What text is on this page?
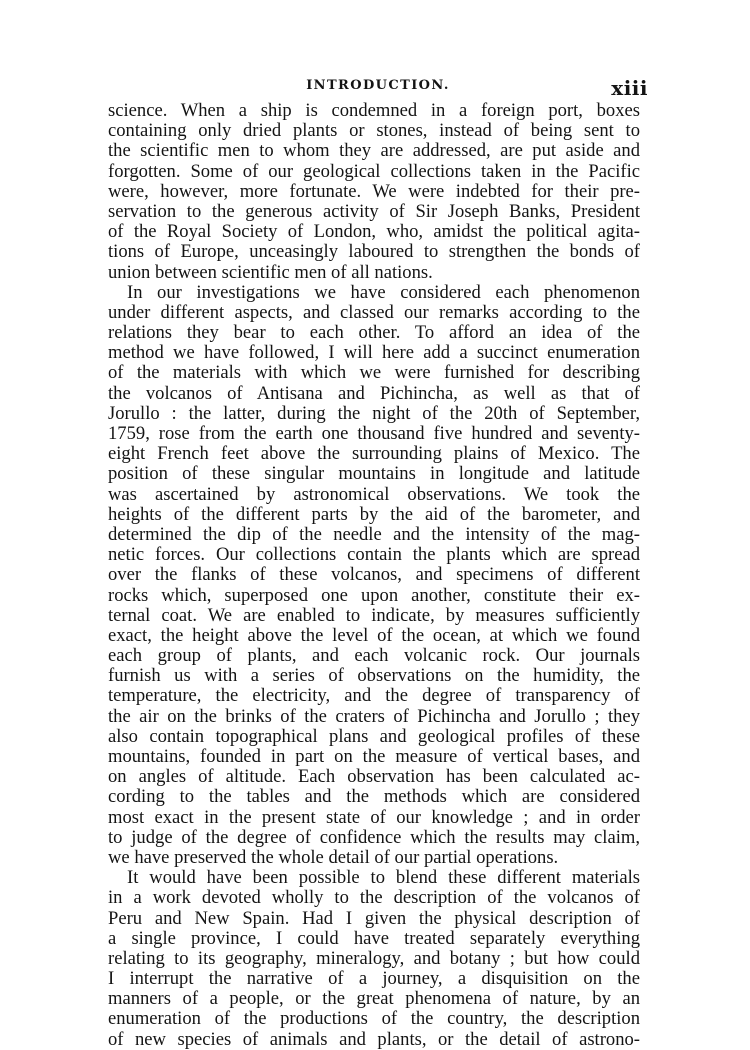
INTRODUCTION.	xiii
science. When a ship is condemned in a foreign port, boxes
containing only dried plants or stones, instead of being sent to
the scientific men to whom they are addressed, are put aside and
forgotten. Some of our geological collections taken in the Pacific
were, however, more fortunate. We were indebted for their pre-
servation to the generous activity of Sir Joseph Banks, President
of the Royal Society of London, who, amidst the political agita-
tions of Europe, unceasingly laboured to strengthen the bonds of
union between scientific men of all nations.
In our investigations we have considered each phenomenon
under different aspects, and classed our remarks according to the
relations they bear to each other. To afford an idea of the
method we have followed, I will here add a succinct enumeration
of the materials with which we were furnished for describing
the volcanos of Antisana and Pichincha, as well as that of
Jorullo : the latter, during the night of the 20th of September,
1759, rose from the earth one thousand five hundred and seventy-
eight French feet above the surrounding plains of Mexico. The
position of these singular mountains in longitude and latitude
was ascertained by astronomical observations. We took the
heights of the different parts by the aid of the barometer, and
determined the dip of the needle and the intensity of the mag-
netic forces. Our collections contain the plants which are spread
over the flanks of these volcanos, and specimens of different
rocks which, superposed one upon another, constitute their ex-
ternal coat. We are enabled to indicate, by measures sufficiently
exact, the height above the level of the ocean, at which we found
each group of plants, and each volcanic rock. Our journals
furnish us with a series of observations on the humidity, the
temperature, the electricity, and the degree of transparency of
the air on the brinks of the craters of Pichincha and Jorullo ; they
also contain topographical plans and geological profiles of these
mountains, founded in part on the measure of vertical bases, and
on angles of altitude. Each observation has been calculated ac-
cording to the tables and the methods which are considered
most exact in the present state of our knowledge ; and in order
to judge of the degree of confidence which the results may claim,
we have preserved the whole detail of our partial operations.
It would have been possible to blend these different materials
in a work devoted wholly to the description of the volcanos of
Peru and New Spain. Had I given the physical description of
a single province, I could have treated separately everything
relating to its geography, mineralogy, and botany ; but how could
I interrupt the narrative of a journey, a disquisition on the
manners of a people, or the great phenomena of nature, by an
enumeration of the productions of the country, the description
of new species of animals and plants, or the detail of astrono-
